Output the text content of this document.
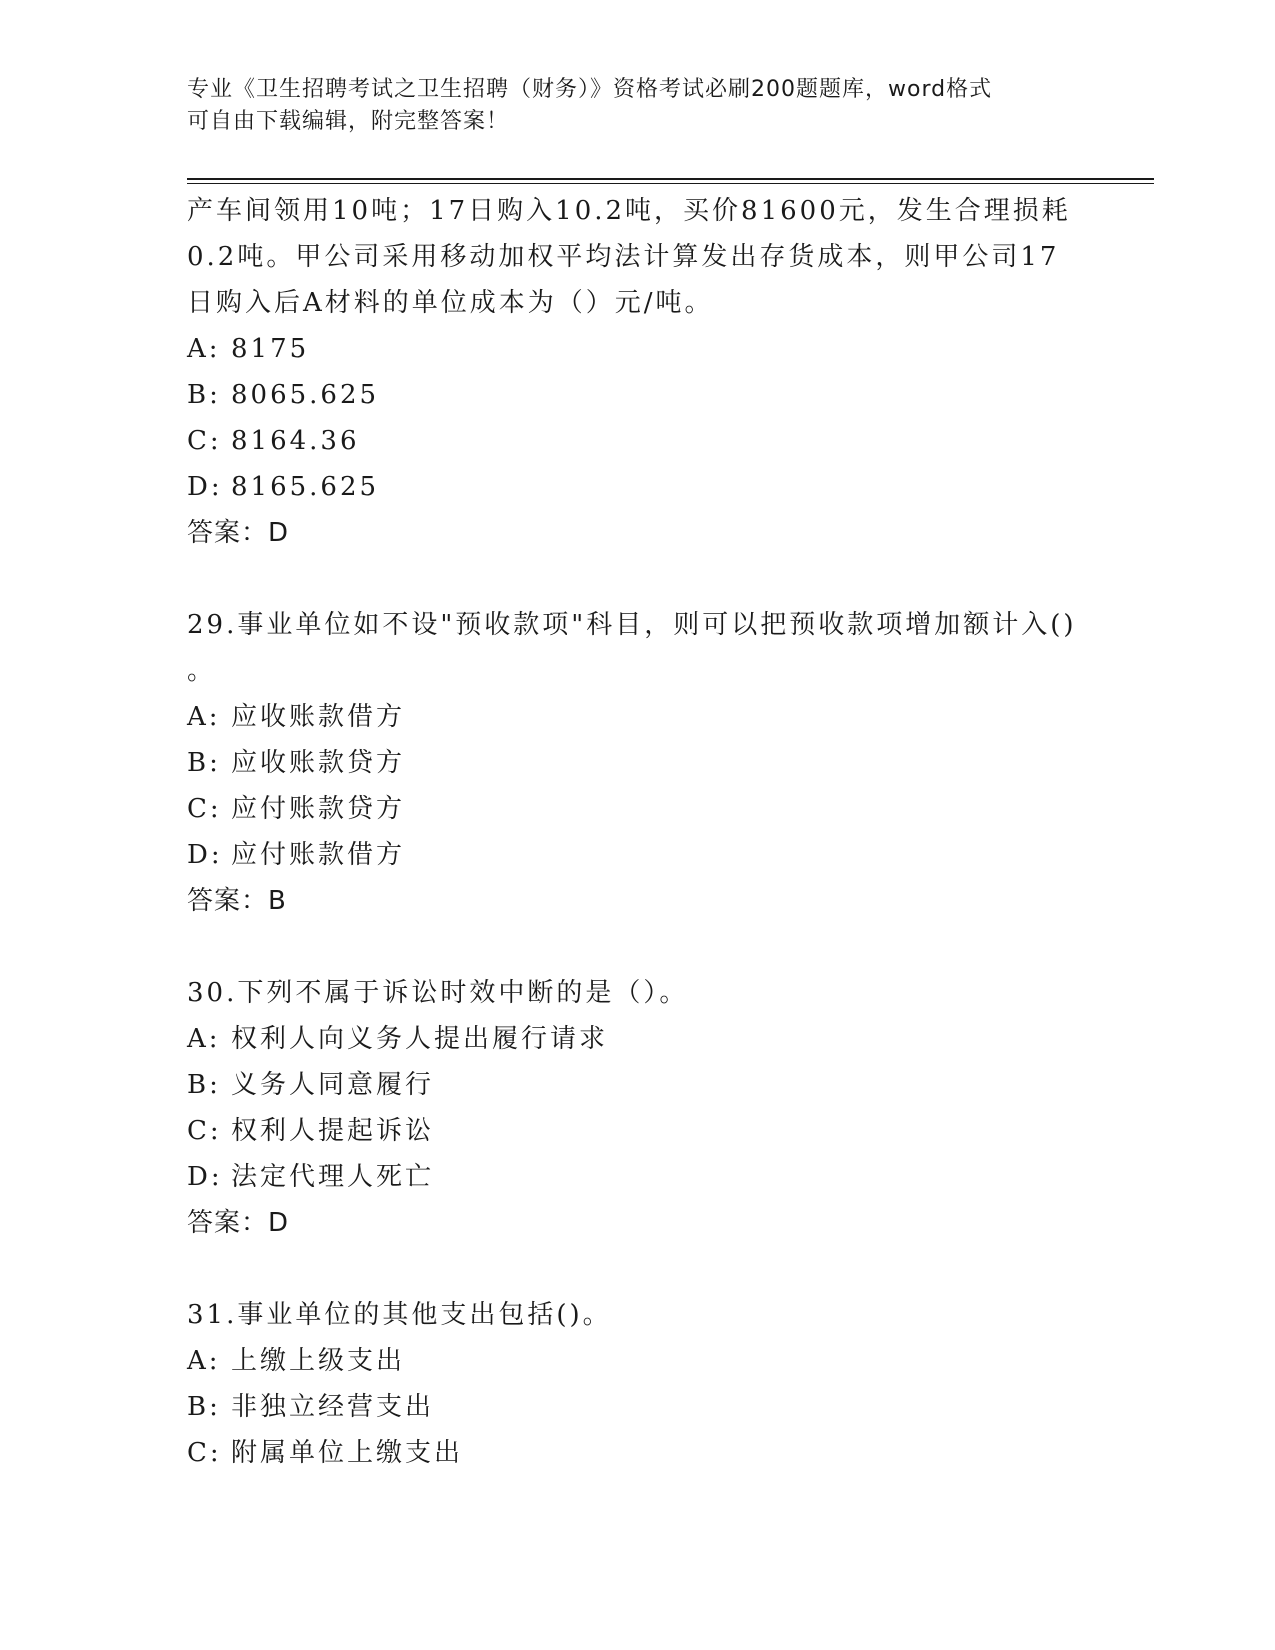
专业《卫生招聘考试之卫生招聘（财务）》资格考试必刷200题题库，word格式
可自由下载编辑，附完整答案！
产车间领用10吨；17日购入10.2吨，买价81600元，发生合理损耗
0.2吨。甲公司采用移动加权平均法计算发出存货成本，则甲公司17
日购入后A材料的单位成本为（）元/吨。
A: 8175
B: 8065.625
C: 8164.36
D: 8165.625
答案：D
29.事业单位如不设"预收款项"科目，则可以把预收款项增加额计入()
。
A: 应收账款借方
B: 应收账款贷方
C: 应付账款贷方
D: 应付账款借方
答案：B
30.下列不属于诉讼时效中断的是（）。
A: 权利人向义务人提出履行请求
B: 义务人同意履行
C: 权利人提起诉讼
D: 法定代理人死亡
答案：D
31.事业单位的其他支出包括()。
A: 上缴上级支出
B: 非独立经营支出
C: 附属单位上缴支出
